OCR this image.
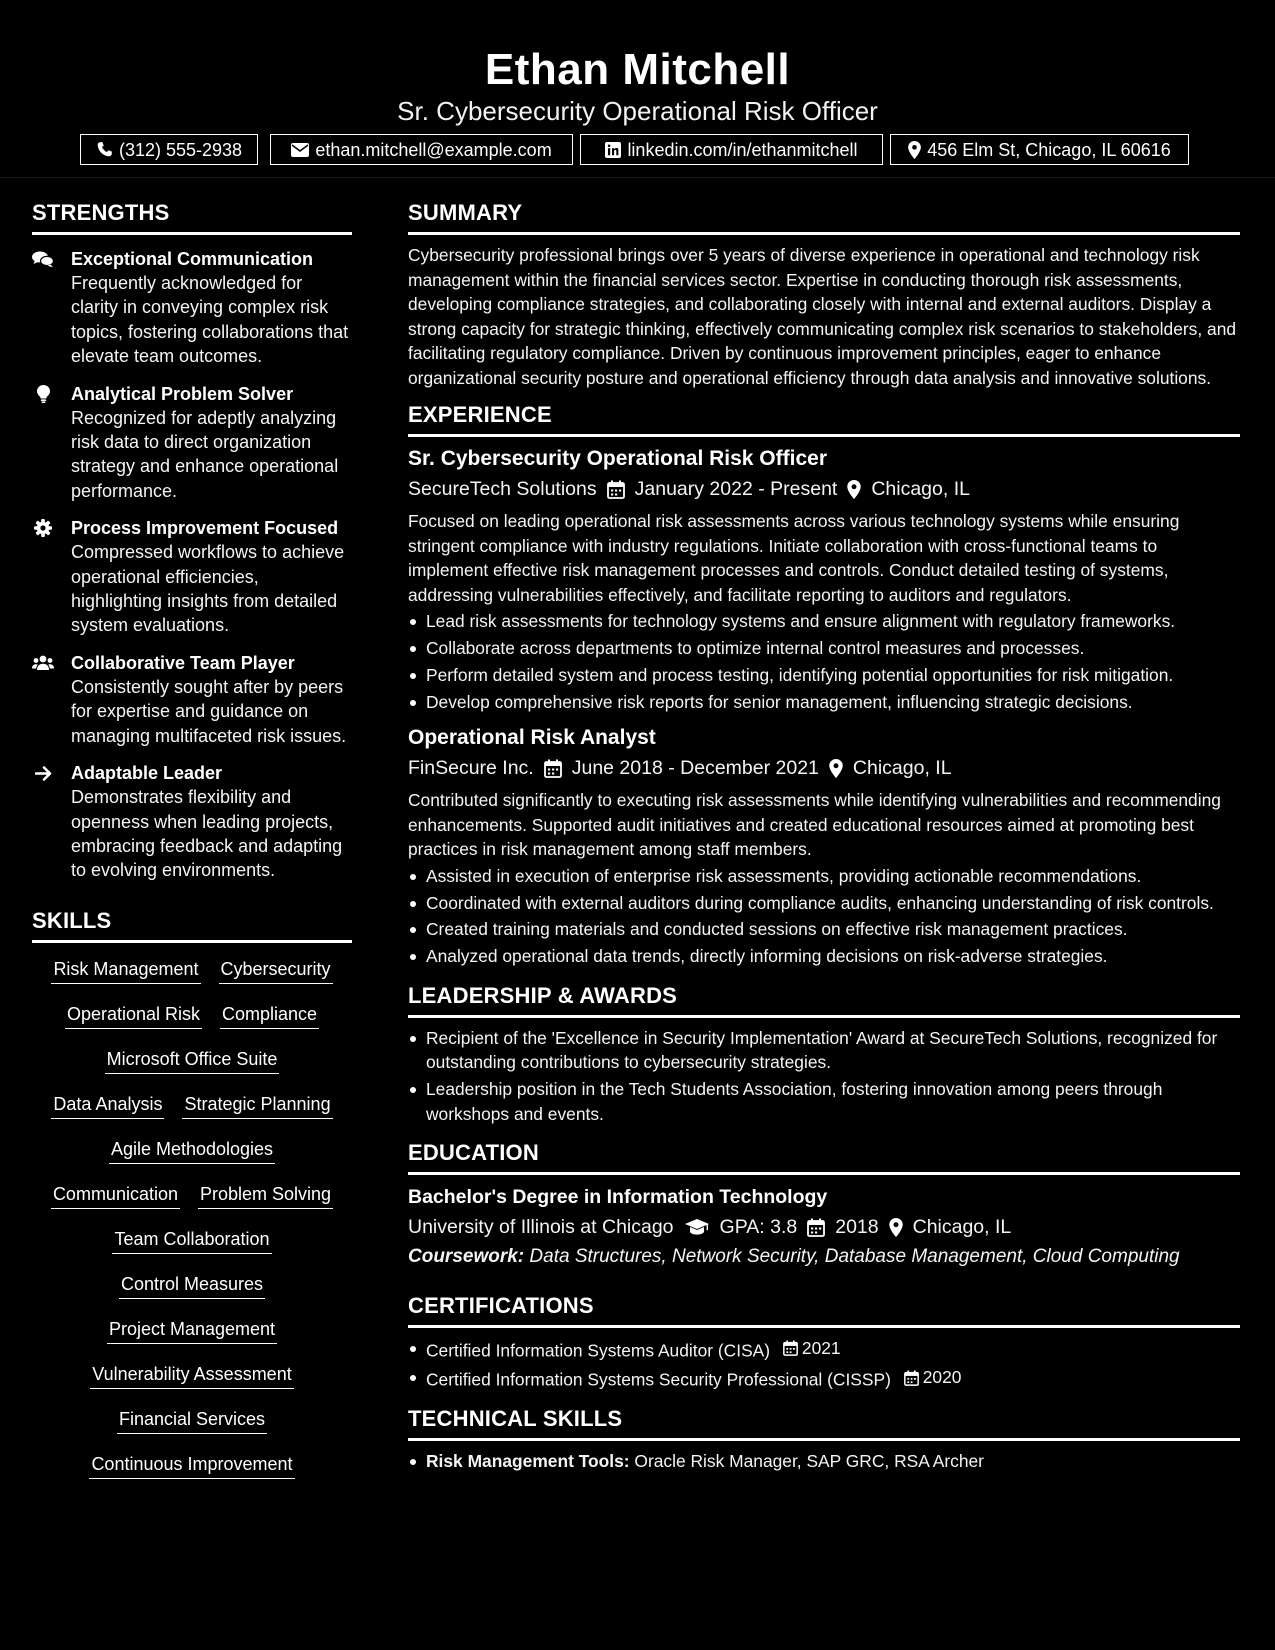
Ethan Mitchell
Sr. Cybersecurity Operational Risk Officer
(312) 555-2938	ethan.mitchell@example.com	linkedin.com/in/ethanmitchell	456 Elm St, Chicago, IL 60616
STRENGTHS
Exceptional Communication
Frequently acknowledged for clarity in conveying complex risk topics, fostering collaborations that elevate team outcomes.
Analytical Problem Solver
Recognized for adeptly analyzing risk data to direct organization strategy and enhance operational performance.
Process Improvement Focused
Compressed workflows to achieve operational efficiencies, highlighting insights from detailed system evaluations.
Collaborative Team Player
Consistently sought after by peers for expertise and guidance on managing multifaceted risk issues.
Adaptable Leader
Demonstrates flexibility and openness when leading projects, embracing feedback and adapting to evolving environments.
SKILLS
Risk Management Cybersecurity
Operational Risk Compliance
Microsoft Office Suite
Data Analysis Strategic Planning
Agile Methodologies
Communication Problem Solving
Team Collaboration
Control Measures
Project Management
Vulnerability Assessment
Financial Services
Continuous Improvement
SUMMARY
Cybersecurity professional brings over 5 years of diverse experience in operational and technology risk management within the financial services sector. Expertise in conducting thorough risk assessments, developing compliance strategies, and collaborating closely with internal and external auditors. Display a strong capacity for strategic thinking, effectively communicating complex risk scenarios to stakeholders, and facilitating regulatory compliance. Driven by continuous improvement principles, eager to enhance organizational security posture and operational efficiency through data analysis and innovative solutions.
EXPERIENCE
Sr. Cybersecurity Operational Risk Officer
SecureTech Solutions January 2022 - Present Chicago, IL
Focused on leading operational risk assessments across various technology systems while ensuring stringent compliance with industry regulations. Initiate collaboration with cross-functional teams to implement effective risk management processes and controls. Conduct detailed testing of systems, addressing vulnerabilities effectively, and facilitate reporting to auditors and regulators.
Lead risk assessments for technology systems and ensure alignment with regulatory frameworks.
Collaborate across departments to optimize internal control measures and processes.
Perform detailed system and process testing, identifying potential opportunities for risk mitigation.
Develop comprehensive risk reports for senior management, influencing strategic decisions.
Operational Risk Analyst
FinSecure Inc. June 2018 - December 2021 Chicago, IL
Contributed significantly to executing risk assessments while identifying vulnerabilities and recommending enhancements. Supported audit initiatives and created educational resources aimed at promoting best practices in risk management among staff members.
Assisted in execution of enterprise risk assessments, providing actionable recommendations.
Coordinated with external auditors during compliance audits, enhancing understanding of risk controls.
Created training materials and conducted sessions on effective risk management practices.
Analyzed operational data trends, directly informing decisions on risk-adverse strategies.
LEADERSHIP & AWARDS
Recipient of the 'Excellence in Security Implementation' Award at SecureTech Solutions, recognized for outstanding contributions to cybersecurity strategies.
Leadership position in the Tech Students Association, fostering innovation among peers through workshops and events.
EDUCATION
Bachelor's Degree in Information Technology
University of Illinois at Chicago GPA: 3.8 2018 Chicago, IL
Coursework: Data Structures, Network Security, Database Management, Cloud Computing
CERTIFICATIONS
Certified Information Systems Auditor (CISA) 2021
Certified Information Systems Security Professional (CISSP) 2020
TECHNICAL SKILLS
Risk Management Tools: Oracle Risk Manager, SAP GRC, RSA Archer
